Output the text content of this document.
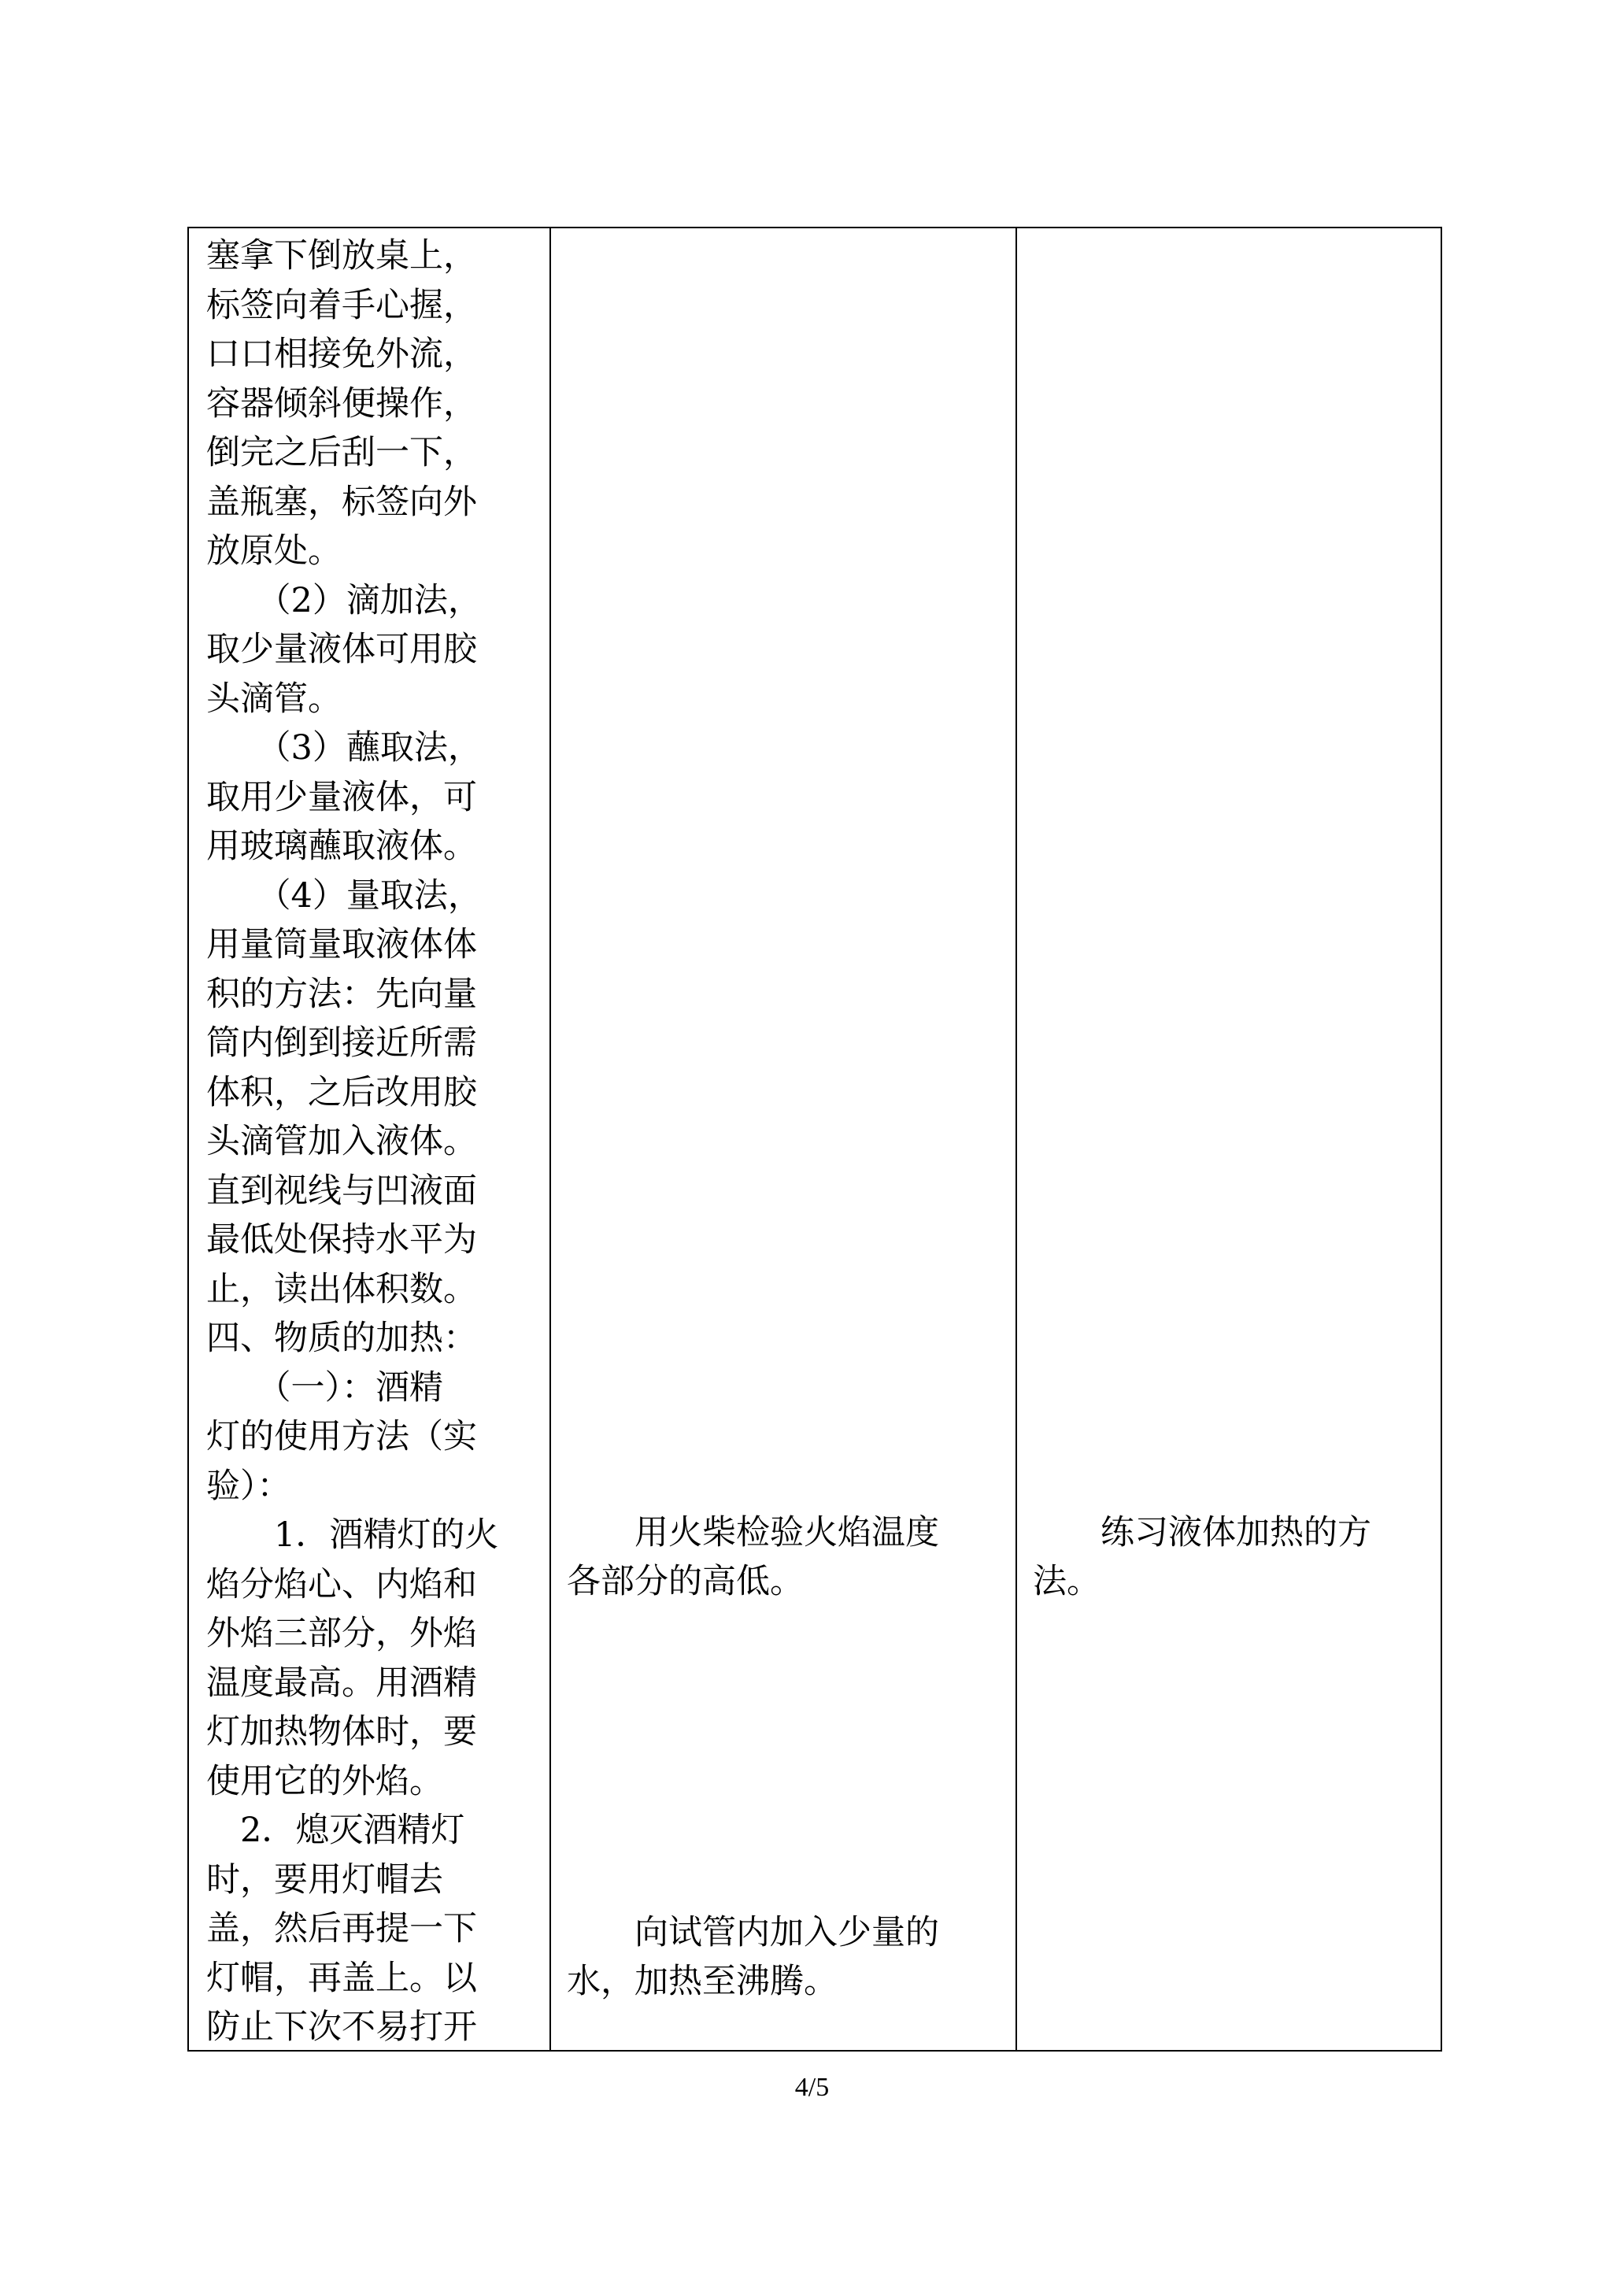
塞拿下倒放桌上，
标签向着手心握，
口口相接免外流，
容器倾斜便操作，
倒完之后刮一下，
盖瓶塞，标签向外
放原处。
　　（2）滴加法，
取少量液体可用胶
头滴管。
　　（3）蘸取法，
取用少量液体，可
用玻璃蘸取液体。
　　（4）量取法，
用量筒量取液体体
积的方法：先向量
筒内倒到接近所需
体积，之后改用胶
头滴管加入液体。
直到视线与凹液面
最低处保持水平为
止，读出体积数。
四、物质的加热：
　　（一）：酒精
灯的使用方法（实
验）：
　　1．酒精灯的火
焰分焰心、内焰和
外焰三部分，外焰
温度最高。用酒精
灯加热物体时，要
使用它的外焰。
　2．熄灭酒精灯
时，要用灯帽去
盖，然后再提一下
灯帽，再盖上。以
防止下次不易打开
　　用火柴检验火焰温度
各部分的高低。
　　向试管内加入少量的
水，加热至沸腾。
　　练习液体加热的方
法。
4/5
